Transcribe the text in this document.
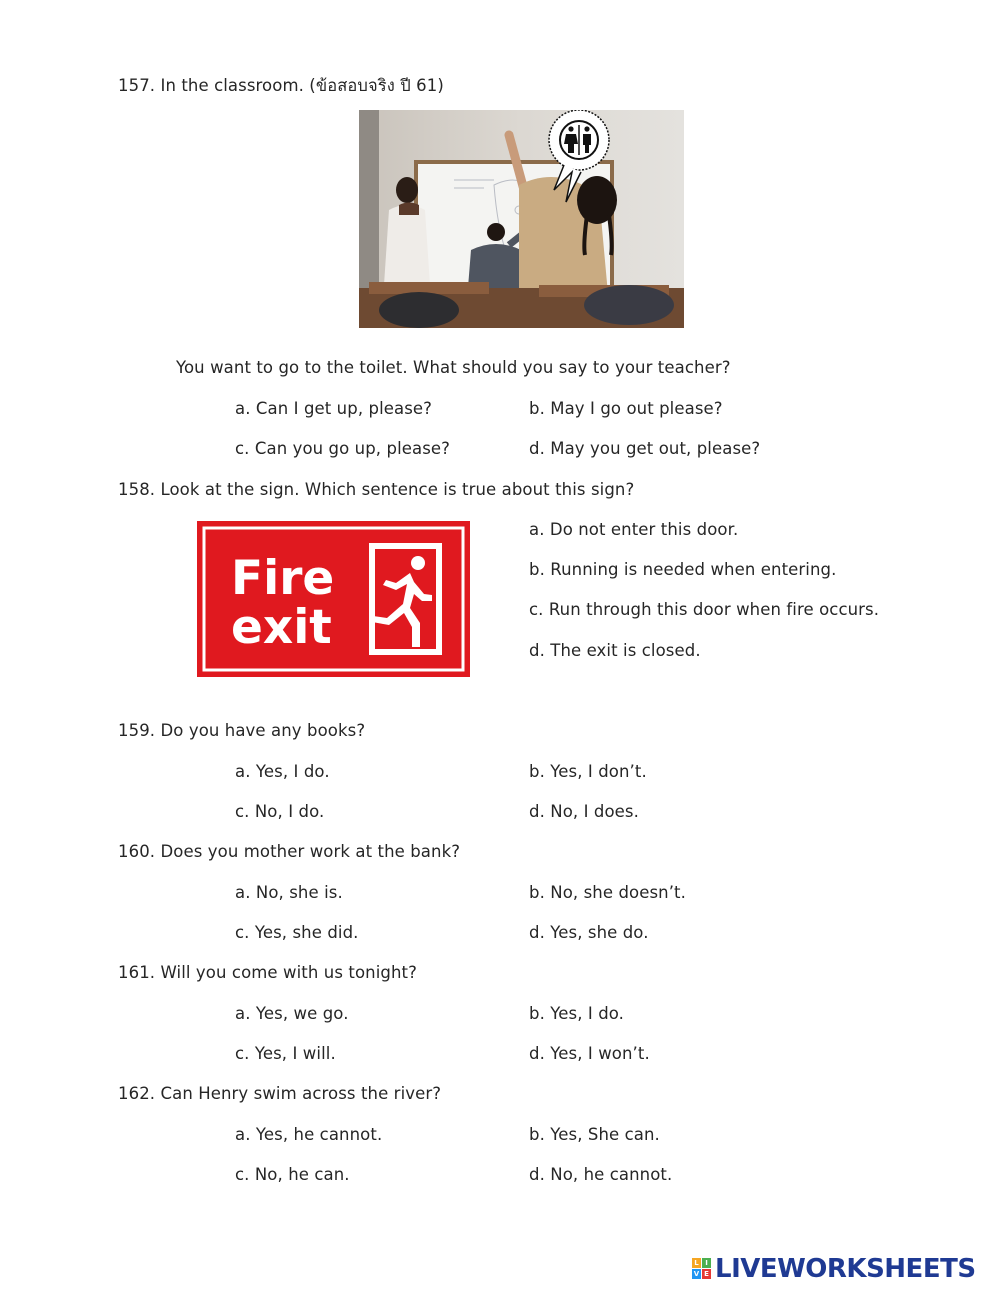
157. In the classroom. (ข้อสอบจริง ปี 61)
You want to go to the toilet. What should you say to your teacher?
a. Can I get up, please?	b. May I go out please?
c. Can you go up, please?	d. May you get out, please?
158. Look at the sign. Which sentence is true about this sign?
Fire
exit
a. Do not enter this door.
b. Running is needed when entering.
c. Run through this door when fire occurs.
d. The exit is closed.
159. Do you have any books?
a. Yes, I do.	b. Yes, I don’t.
c. No, I do.	d. No, I does.
160. Does you mother work at the bank?
a. No, she is.	b. No, she doesn’t.
c. Yes, she did.	d. Yes, she do.
161. Will you come with us tonight?
a. Yes, we go.	b. Yes, I do.
c. Yes, I will.	d. Yes, I won’t.
162. Can Henry swim across the river?
a. Yes, he cannot.	b. Yes, She can.
c. No, he can.	d. No, he cannot.
L I
V E LIVEWORKSHEETS
